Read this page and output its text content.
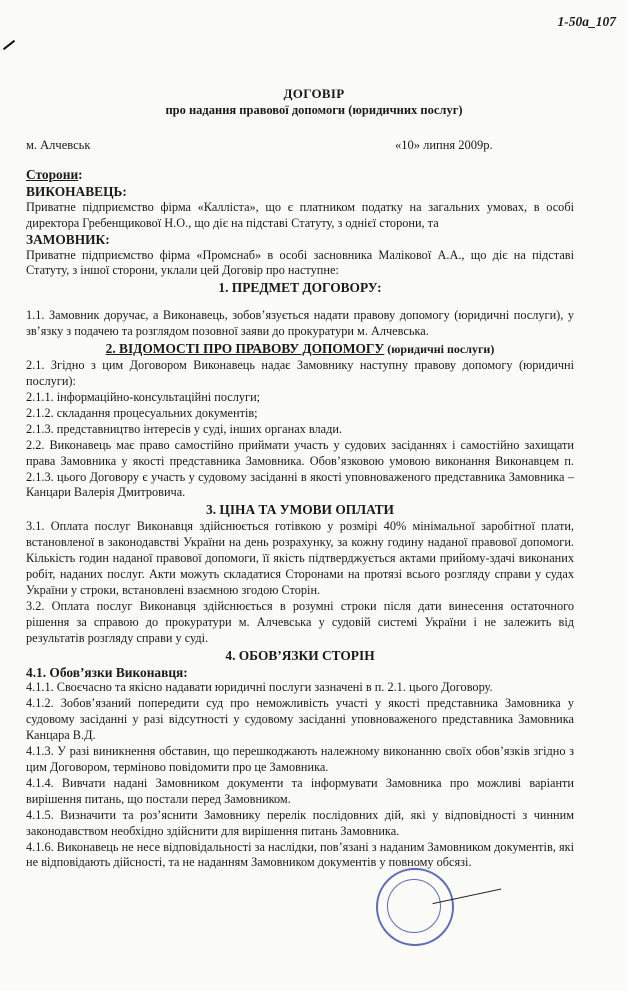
1-50a_107
ДОГОВІР
про надання правової допомоги (юридичних послуг)
м. Алчевськ	«10» липня 2009р.

Сторони:

ВИКОНАВЕЦЬ:

Приватне підприємство фірма «Калліста», що є платником податку на загальних умовах, в особі директора Гребенщикової Н.О., що діє на підставі Статуту, з однієї сторони, та

ЗАМОВНИК:

Приватне підприємство фірма «Промснаб» в особі засновника Малікової А.А., що діє на підставі Статуту, з іншої сторони, уклали цей Договір про наступне:

1. ПРЕДМЕТ ДОГОВОРУ:

1.1. Замовник доручає, а Виконавець, зобов’язується надати правову допомогу (юридичні послуги), у зв’язку з подачею та розглядом позовної заяви до прокуратури м. Алчевська.

2. ВІДОМОСТІ ПРО ПРАВОВУ ДОПОМОГУ (юридичні послуги)

2.1. Згідно з цим Договором Виконавець надає Замовнику наступну правову допомогу (юридичні послуги):

2.1.1. інформаційно-консультаційні послуги;

2.1.2. складання процесуальних документів;

2.1.3. представництво інтересів у суді, інших органах влади.

2.2. Виконавець має право самостійно приймати участь у судових засіданнях і самостійно захищати права Замовника у якості представника Замовника. Обов’язковою умовою виконання Виконавцем п. 2.1.3. цього Договору є участь у судовому засіданні в якості уповноваженого представника Замовника – Канцари Валерія Дмитровича.

3. ЦІНА ТА УМОВИ ОПЛАТИ

3.1. Оплата послуг Виконавця здійснюється готівкою у розмірі 40% мінімальної заробітної плати, встановленої в законодавстві України на день розрахунку, за кожну годину наданої правової допомоги. Кількість годин наданої правової допомоги, її якість підтверджується актами прийому-здачі виконаних робіт, наданих послуг. Акти можуть складатися Сторонами на протязі всього розгляду справи у судах України у строки, встановлені взаємною згодою Сторін.

3.2. Оплата послуг Виконавця здійснюється в розумні строки після дати винесення остаточного рішення за справою до прокуратури м. Алчевська у судовій системі України і не залежить від результатів розгляду справи у суді.

4. ОБОВ’ЯЗКИ СТОРІН

4.1. Обов’язки Виконавця:

4.1.1. Своєчасно та якісно надавати юридичні послуги зазначені в п. 2.1. цього Договору.

4.1.2. Зобов’язаний попередити суд про неможливість участі у якості представника Замовника у судовому засіданні у разі відсутності у судовому засіданні уповноваженого представника Замовника Канцара В.Д.

4.1.3. У разі виникнення обставин, що перешкоджають належному виконанню своїх обов’язків згідно з цим Договором, терміново повідомити про це Замовника.

4.1.4. Вивчати надані Замовником документи та інформувати Замовника про можливі варіанти вирішення питань, що постали перед Замовником.

4.1.5. Визначити та роз’яснити Замовнику перелік послідовних дій, які у відповідності з чинним законодавством необхідно здійснити для вирішення питань Замовника.

4.1.6. Виконавець не несе відповідальності за наслідки, пов’язані з наданим Замовником документів, які не відповідають дійсності, та не наданням Замовником документів у повному обсязі.
